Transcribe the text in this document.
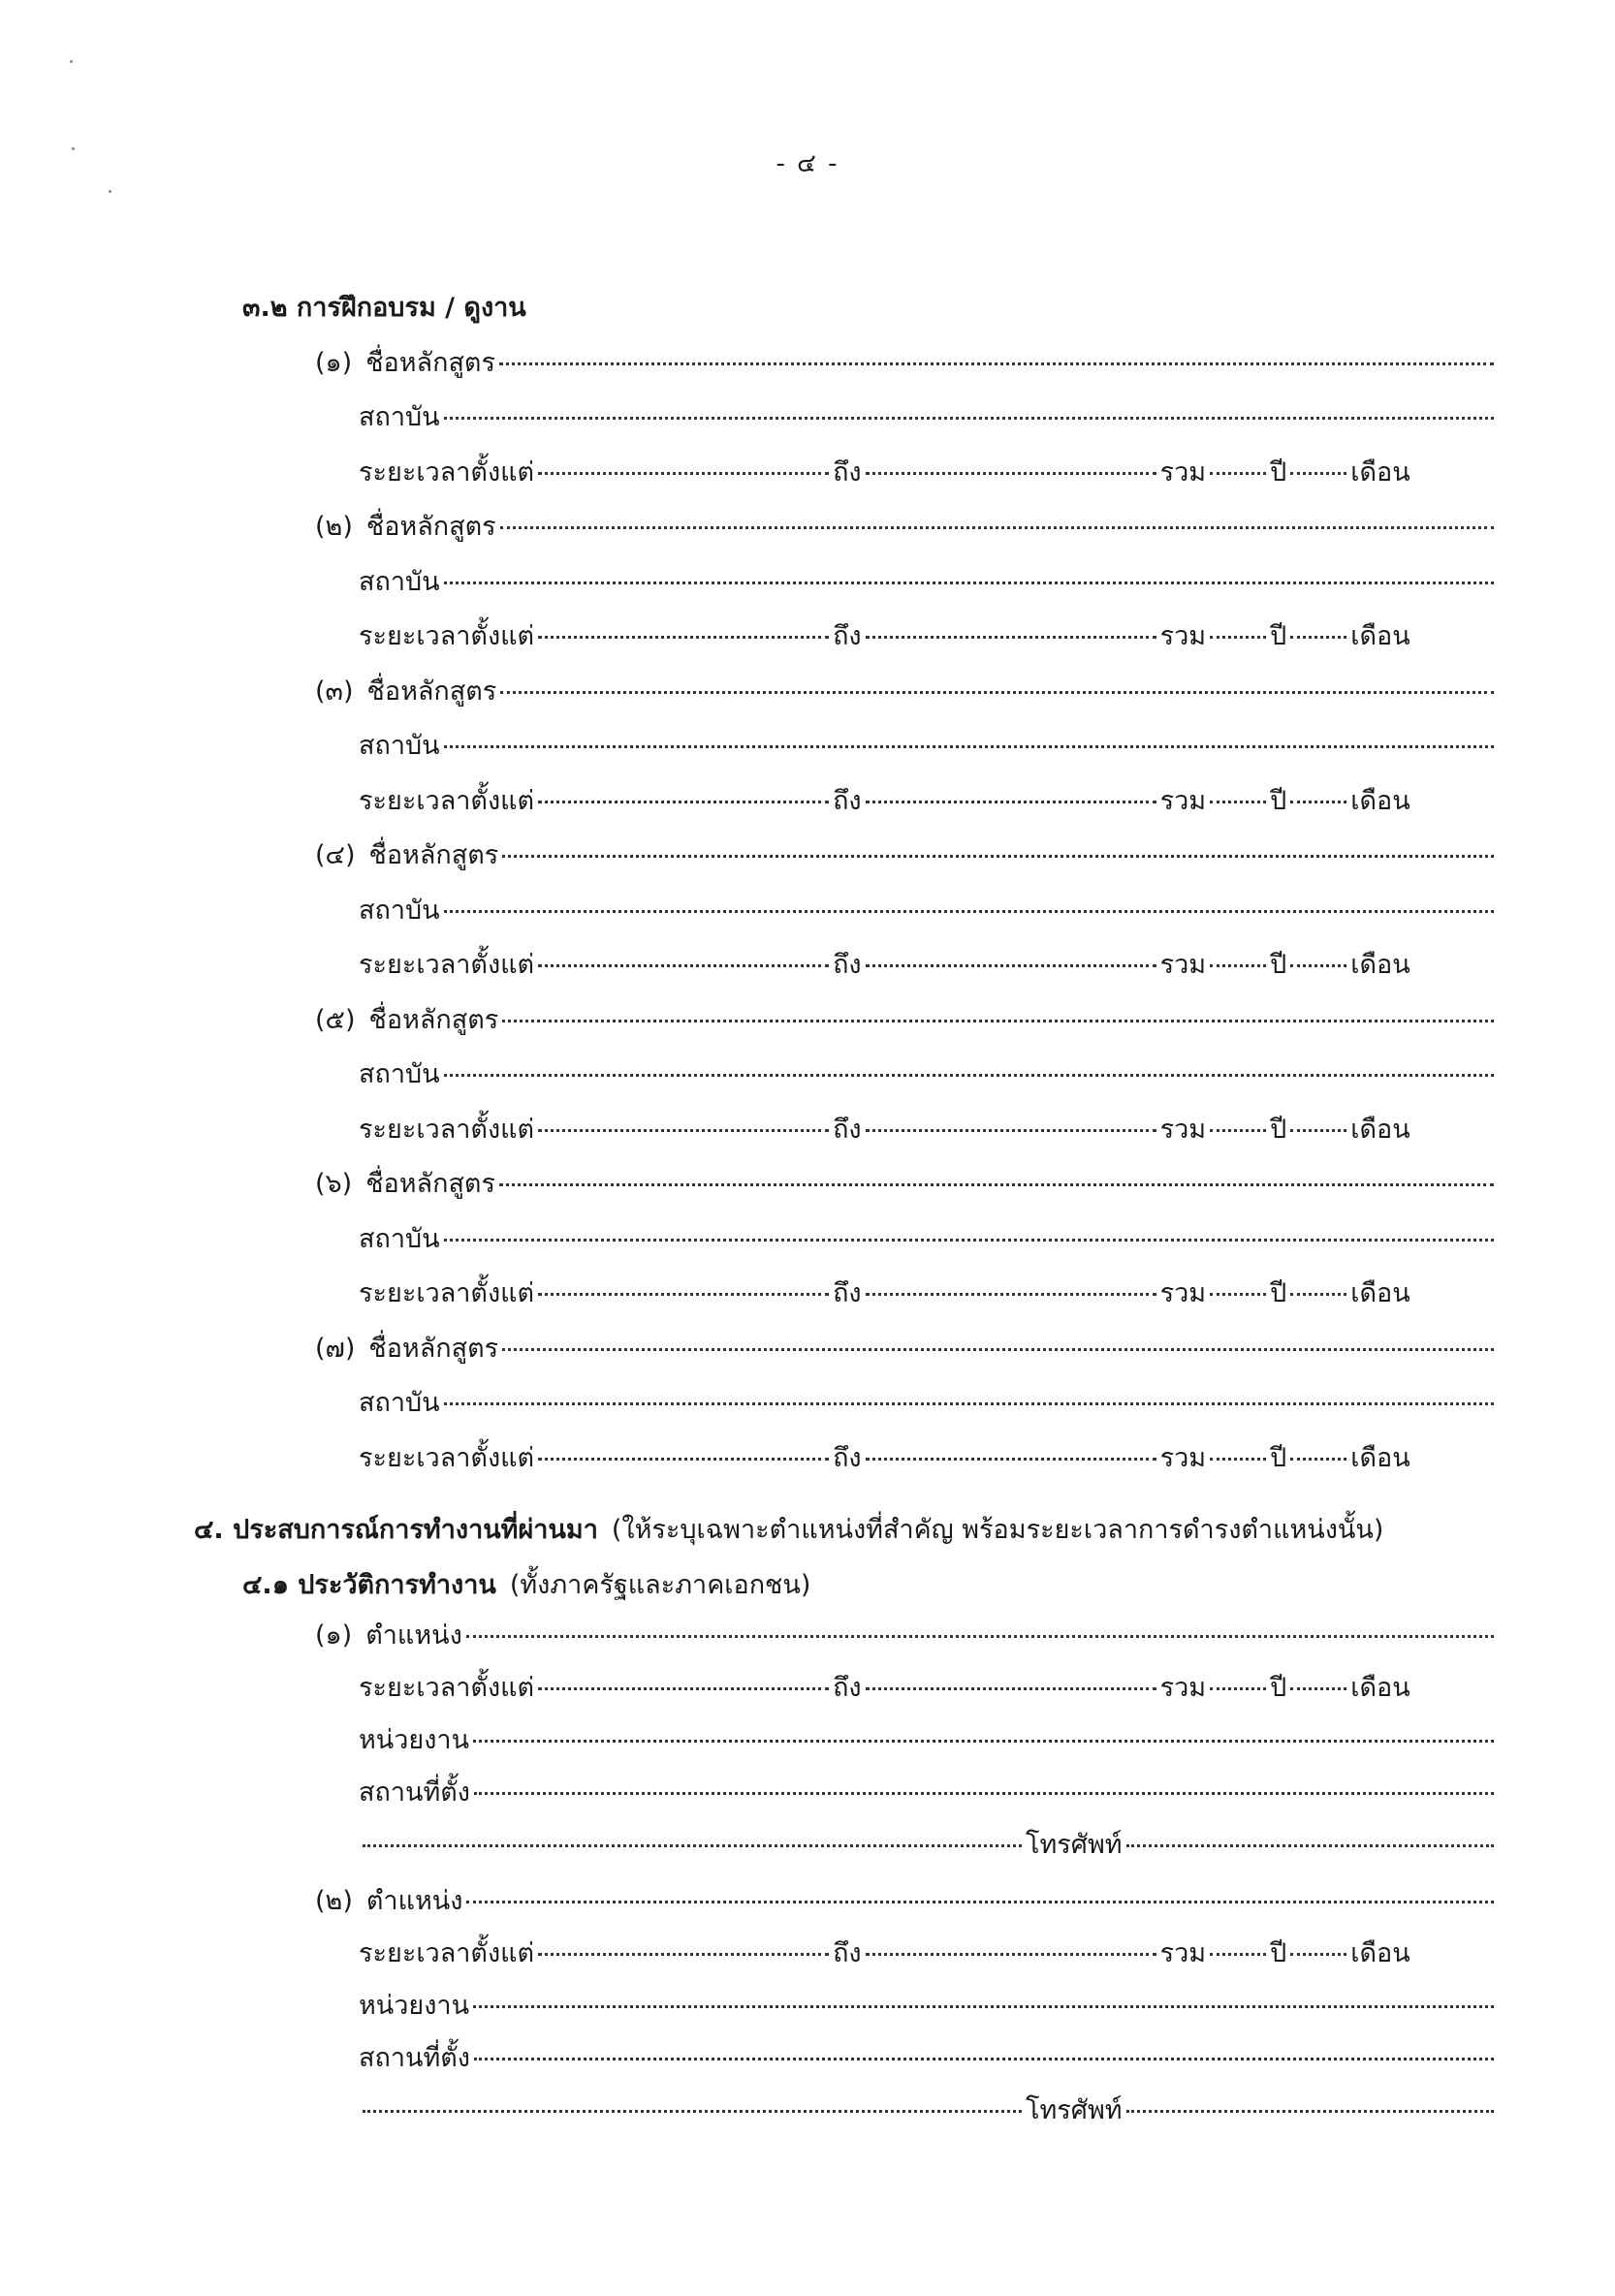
- ๔ -
๓.๒ การฝึกอบรม / ดูงาน
(๑) ชื่อหลักสูตร
สถาบัน
ระยะเวลาตั้งแต่	ถึง	รวม ปี เดือน
(๒) ชื่อหลักสูตร
สถาบัน
ระยะเวลาตั้งแต่	ถึง	รวม ปี เดือน
(๓) ชื่อหลักสูตร
สถาบัน
ระยะเวลาตั้งแต่	ถึง	รวม ปี เดือน
(๔) ชื่อหลักสูตร
สถาบัน
ระยะเวลาตั้งแต่	ถึง	รวม ปี เดือน
(๕) ชื่อหลักสูตร
สถาบัน
ระยะเวลาตั้งแต่	ถึง	รวม ปี เดือน
(๖) ชื่อหลักสูตร
สถาบัน
ระยะเวลาตั้งแต่	ถึง	รวม ปี เดือน
(๗) ชื่อหลักสูตร
สถาบัน
ระยะเวลาตั้งแต่	ถึง	รวม ปี เดือน
๔. ประสบการณ์การทำงานที่ผ่านมา (ให้ระบุเฉพาะตำแหน่งที่สำคัญ พร้อมระยะเวลาการดำรงตำแหน่งนั้น)
๔.๑ ประวัติการทำงาน (ทั้งภาครัฐและภาคเอกชน)
(๑) ตำแหน่ง
ระยะเวลาตั้งแต่	ถึง	รวม ปี เดือน
หน่วยงาน
สถานที่ตั้ง
โทรศัพท์
(๒) ตำแหน่ง
ระยะเวลาตั้งแต่	ถึง	รวม ปี เดือน
หน่วยงาน
สถานที่ตั้ง
โทรศัพท์
